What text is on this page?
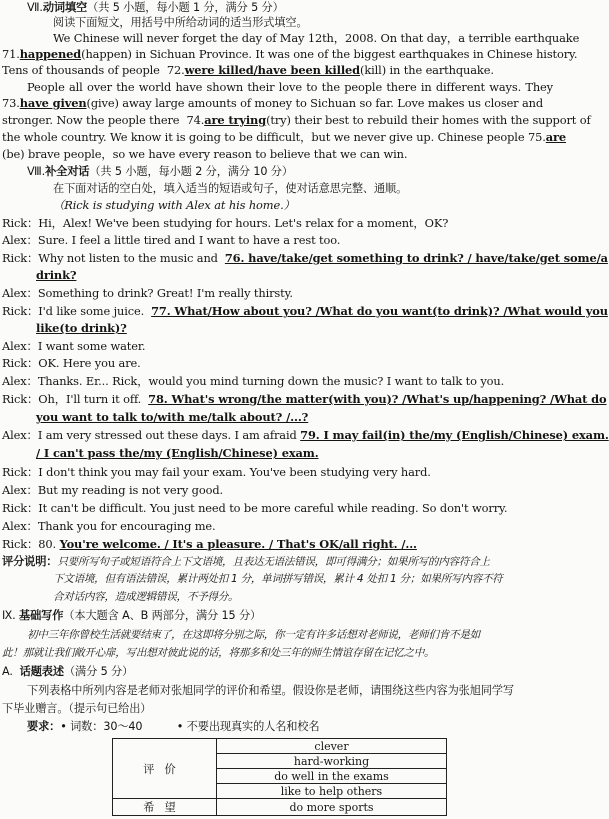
Ⅶ.动词填空（共 5 小题，每小题 1 分，满分 5 分）
阅读下面短文，用括号中所给动词的适当形式填空。
We Chinese will never forget the day of May 12th，2008. On that day，a terrible earthquake
71.happened(happen) in Sichuan Province. It was one of the biggest earthquakes in Chinese history.
Tens of thousands of people 72.were killed/have been killed(kill) in the earthquake.
People all over the world have shown their love to the people there in different ways. They
73.have given(give) away large amounts of money to Sichuan so far. Love makes us closer and
stronger. Now the people there 74.are trying(try) their best to rebuild their homes with the support of
the whole country. We know it is going to be difficult，but we never give up. Chinese people 75.are
(be) brave people，so we have every reason to believe that we can win.
Ⅷ.补全对话（共 5 小题，每小题 2 分，满分 10 分）
在下面对话的空白处，填入适当的短语或句子，使对话意思完整、通顺。
（Rick is studying with Alex at his home.）
Rick：Hi，Alex! We've been studying for hours. Let's relax for a moment，OK?
Alex：Sure. I feel a little tired and I want to have a rest too.
Rick：Why not listen to the music and 76. have/take/get something to drink? / have/take/get some/a
drink?
Alex：Something to drink? Great! I'm really thirsty.
Rick：I'd like some juice. 77. What/How about you? /What do you want(to drink)? /What would you
like(to drink)?
Alex：I want some water.
Rick：OK. Here you are.
Alex：Thanks. Er... Rick，would you mind turning down the music? I want to talk to you.
Rick：Oh，I'll turn it off. 78. What's wrong/the matter(with you)? /What's up/happening? /What do
you want to talk to/with me/talk about? /...?
Alex：I am very stressed out these days. I am afraid 79. I may fail(in) the/my (English/Chinese) exam.
/ I can't pass the/my (English/Chinese) exam.
Rick：I don't think you may fail your exam. You've been studying very hard.
Alex：But my reading is not very good.
Rick：It can't be difficult. You just need to be more careful while reading. So don't worry.
Alex：Thank you for encouraging me.
Rick：80. You're welcome. / It's a pleasure. / That's OK/all right. /...
评分说明：只要所写句子或短语符合上下文语境，且表达无语法错误，即可得满分；如果所写的内容符合上
下文语境，但有语法错误，累计两处扣 1 分，单词拼写错误，累计 4 处扣 1 分；如果所写内容不符
合对话内容，造成逻辑错误，不予得分。
Ⅸ. 基础写作（本大题含 A、B 两部分，满分 15 分）
初中三年你曾校生活就要结束了，在这即将分别之际，你一定有许多话想对老师说，老师们肯不是如
此！那就让我们敞开心扉，写出想对彼此说的话，将那多和处三年的师生情谊存留在记忆之中。
A. 话题表述（满分 5 分）
下列表格中所列内容是老师对张旭同学的评价和希望。假设你是老师，请围绕这些内容为张旭同学写
下毕业赠言。（提示句已给出）
要求：• 词数：30～40	• 不要出现真实的人名和校名
评价	clever
	hard-working
	do well in the exams
	like to help others
希望	do more sports
